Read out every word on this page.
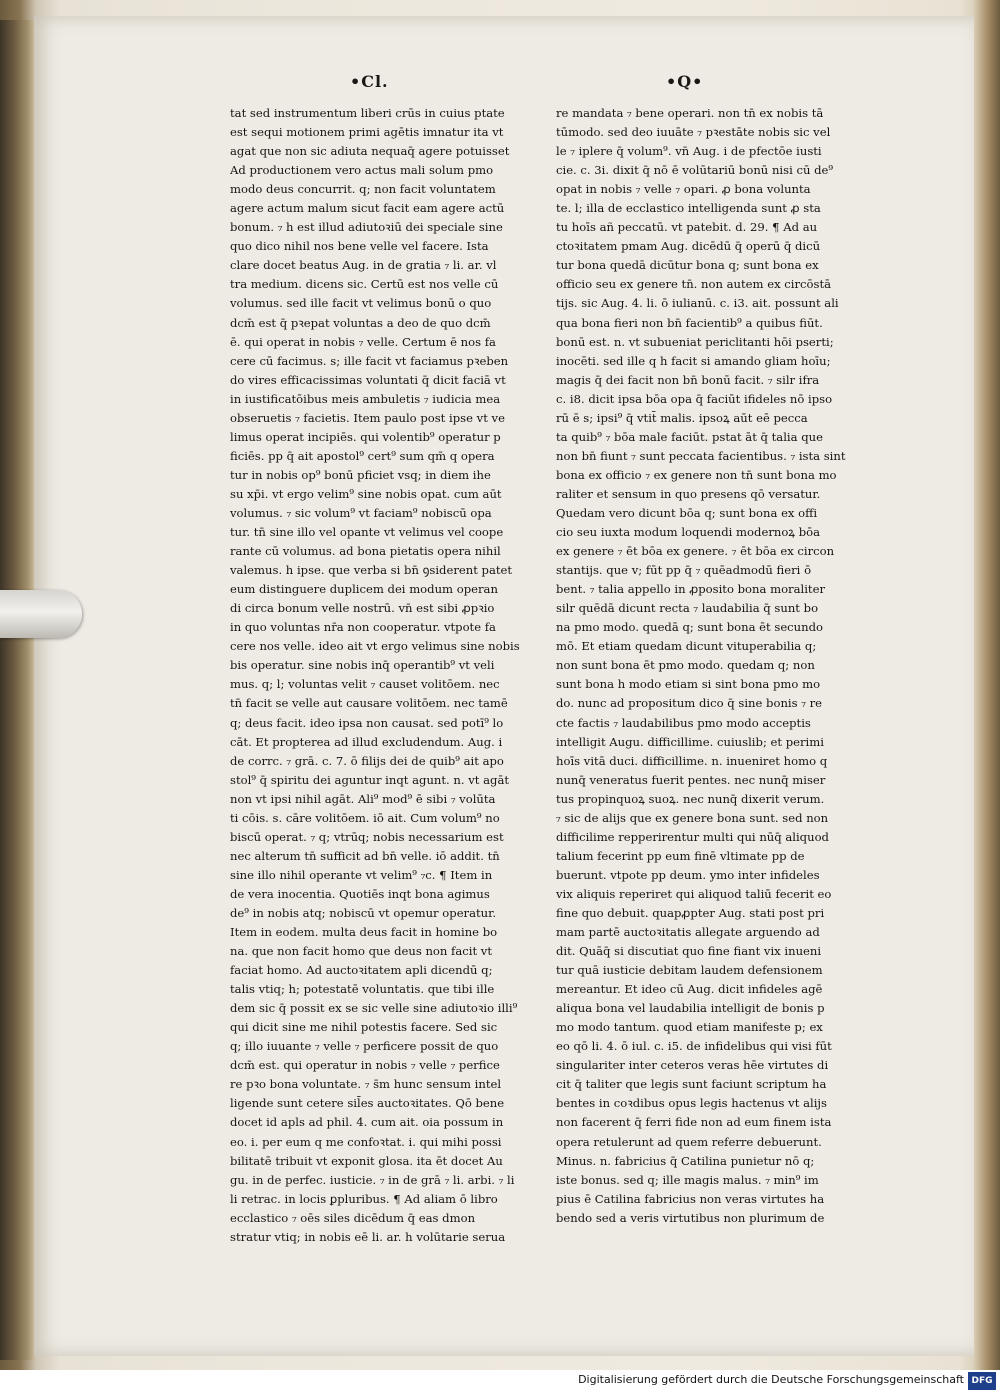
•Cl.	•Q•
tat sed instrumentum liberi crūs in cuius ptate
est sequi motionem primi agētis imnatur ita vt
agat que non sic adiuta nequaq̄ agere potuisset
Ad productionem vero actus mali solum pmo
modo deus concurrit. q; non facit voluntatem
agere actum malum sicut facit eam agere actū
bonum. ₇ h est illud adiutoꝛiū dei speciale sine
quo dico nihil nos bene velle vel facere. Ista
clare docet beatus Aug. in de gratia ₇ li. ar. vl
tra medium. dicens sic. Certū est nos velle cū
volumus. sed ille facit vt velimus bonū o quo
dcm̄ est q̄ pꝛepat voluntas a deo de quo dcm̄
ē. qui operat in nobis ₇ velle. Certum ē nos fa
cere cū facimus. s; ille facit vt faciamus pꝛeben
do vires efficacissimas voluntati q̄ dicit faciā vt
in iustificatōibus meis ambuletis ₇ iudicia mea
obseruetis ₇ facietis. Item paulo post ipse vt ve
limus operat incipiēs. qui volentib⁹ operatur p
ficiēs. pp q̄ ait apostol⁹ cert⁹ sum qm̄ q opera
tur in nobis op⁹ bonū pficiet vsq; in diem ihe
su xp̄i. vt ergo velim⁹ sine nobis opat. cum aūt
volumus. ₇ sic volum⁹ vt faciam⁹ nobiscū opa
tur. tn̄ sine illo vel opante vt velimus vel coope
rante cū volumus. ad bona pietatis opera nihil
valemus. h ipse. que verba si bn̄ ꝯsiderent patet
eum distinguere duplicem dei modum operan
di circa bonum velle nostrū. vn̄ est sibi ꝓpꝛio
in quo voluntas nr̄a non cooperatur. vtpote fa
cere nos velle. ideo ait vt ergo velimus sine nobis
bis operatur. sine nobis inq̄ operantib⁹ vt veli
mus. q; l; voluntas velit ₇ causet volitōem. nec
tn̄ facit se velle aut causare volitōem. nec tamē
q; deus facit. ideo ipsa non causat. sed potī⁹ lo
cāt. Et propterea ad illud excludendum. Aug. i
de corrc. ₇ grā. c. 7. ō filijs dei de quib⁹ ait apo
stol⁹ q̄ spiritu dei aguntur inqt agunt. n. vt agāt
non vt ipsi nihil agāt. Ali⁹ mod⁹ ē sibi ₇ volūta
ti cōis. s. cāre volitōem. iō ait. Cum volum⁹ no
biscū operat. ₇ q; vtrūq; nobis necessarium est
nec alterum tn̄ sufficit ad bn̄ velle. iō addit. tn̄
sine illo nihil operante vt velim⁹ ₇c. ¶ Item in
de vera inocentia. Quotiēs inqt bona agimus
de⁹ in nobis atq; nobiscū vt opemur operatur.
Item in eodem. multa deus facit in homine bo
na. que non facit homo que deus non facit vt
faciat homo. Ad auctoꝛitatem apli dicendū q;
talis vtiq; h; potestatē voluntatis. que tibi ille
dem sic q̄ possit ex se sic velle sine adiutoꝛio illi⁹
qui dicit sine me nihil potestis facere. Sed sic
q; illo iuuante ₇ velle ₇ perficere possit de quo
dcm̄ est. qui operatur in nobis ₇ velle ₇ perfice
re pꝛo bona voluntate. ₇ s̄m hunc sensum intel
ligende sunt cetere sil̄es auctoꝛitates. Qō bene
docet id apls ad phil. 4. cum ait. oia possum in
eo. i. per eum q me confoꝛtat. i. qui mihi possi
bilitatē tribuit vt exponit glosa. ita ēt docet Au
gu. in de perfec. iusticie. ₇ in de grā ₇ li. arbi. ₇ li
li retrac. in locis ꝑpluribus. ¶ Ad aliam ō libro
ecclastico ₇ oēs siles dicēdum q̄ eas dmon
stratur vtiq; in nobis eē li. ar. h volūtarie serua
re mandata ₇ bene operari. non tn̄ ex nobis tā
tūmodo. sed deo iuuāte ₇ pꝛestāte nobis sic vel
le ₇ iplere q̄ volum⁹. vn̄ Aug. i de pfectōe iusti
cie. c. 3i. dixit q̄ nō ē volūtariū bonū nisi cū de⁹
opat in nobis ₇ velle ₇ opari. ꝓ bona volunta
te. l; illa de ecclastico intelligenda sunt ꝓ sta
tu hoīs añ peccatū. vt patebit. d. 29. ¶ Ad au
ctoꝛitatem pmam Aug. dicēdū q̄ operū q̄ dicū
tur bona quedā dicūtur bona q; sunt bona ex
officio seu ex genere tn̄. non autem ex circōstā
tijs. sic Aug. 4. li. ō iulianū. c. i3. ait. possunt ali
qua bona fieri non bn̄ facientib⁹ a quibus fiūt.
bonū est. n. vt subueniat periclitanti hōi pserti;
inocēti. sed ille q h facit si amando gliam hoīu;
magis q̄ dei facit non bn̄ bonū facit. ₇ silr ifra
c. i8. dicit ipsa bōa opa q̄ faciūt ifideles nō ipso
rū ē s; ipsi⁹ q̄ vtit̄ malis. ipsoꝝ aūt eē pecca
ta quib⁹ ₇ bōa male faciūt. pstat āt q̄ talia que
non bn̄ fiunt ₇ sunt peccata facientibus. ₇ ista sint
bona ex officio ₇ ex genere non tn̄ sunt bona mo
raliter et sensum in quo presens qō versatur.
Quedam vero dicunt bōa q; sunt bona ex offi
cio seu iuxta modum loquendi modernoꝝ bōa
ex genere ₇ ēt bōa ex genere. ₇ ēt bōa ex circon
stantijs. que v; fūt pp q̄ ₇ quēadmodū fieri ō
bent. ₇ talia appello in ꝓposito bona moraliter
silr quēdā dicunt recta ₇ laudabilia q̄ sunt bo
na pmo modo. quedā q; sunt bona ēt secundo
mō. Et etiam quedam dicunt vituperabilia q;
non sunt bona ēt pmo modo. quedam q; non
sunt bona h modo etiam si sint bona pmo mo
do. nunc ad propositum dico q̄ sine bonis ₇ re
cte factis ₇ laudabilibus pmo modo acceptis
intelligit Augu. difficillime. cuiuslib; et perimi
hoīs vitā duci. difficillime. n. inueniret homo q
nunq̄ veneratus fuerit pentes. nec nunq̄ miser
tus propinquoꝝ suoꝝ. nec nunq̄ dixerit verum.
₇ sic de alijs que ex genere bona sunt. sed non
difficilime repperirentur multi qui nūq̄ aliquod
talium fecerint pp eum finē vltimate pp de
buerunt. vtpote pp deum. ymo inter infideles
vix aliquis reperiret qui aliquod taliū fecerit eo
fine quo debuit. quapꝓpter Aug. stati post pri
mam partē auctoꝛitatis allegate arguendo ad
dit. Quāq̄ si discutiat quo fine fiant vix inueni
tur quā iusticie debitam laudem defensionem
mereantur. Et ideo cū Aug. dicit infideles agē
aliqua bona vel laudabilia intelligit de bonis p
mo modo tantum. quod etiam manifeste p; ex
eo qō li. 4. ō iul. c. i5. de infidelibus qui visi fūt
singulariter inter ceteros veras hēe virtutes di
cit q̄ taliter que legis sunt faciunt scriptum ha
bentes in coꝛdibus opus legis hactenus vt alijs
non facerent q̄ ferri fide non ad eum finem ista
opera retulerunt ad quem referre debuerunt.
Minus. n. fabricius q̄ Catilina punietur nō q;
iste bonus. sed q; ille magis malus. ₇ min⁹ im
pius ē Catilina fabricius non veras virtutes ha
bendo sed a veris virtutibus non plurimum de
Digitalisierung gefördert durch die Deutsche Forschungsgemeinschaft DFG
